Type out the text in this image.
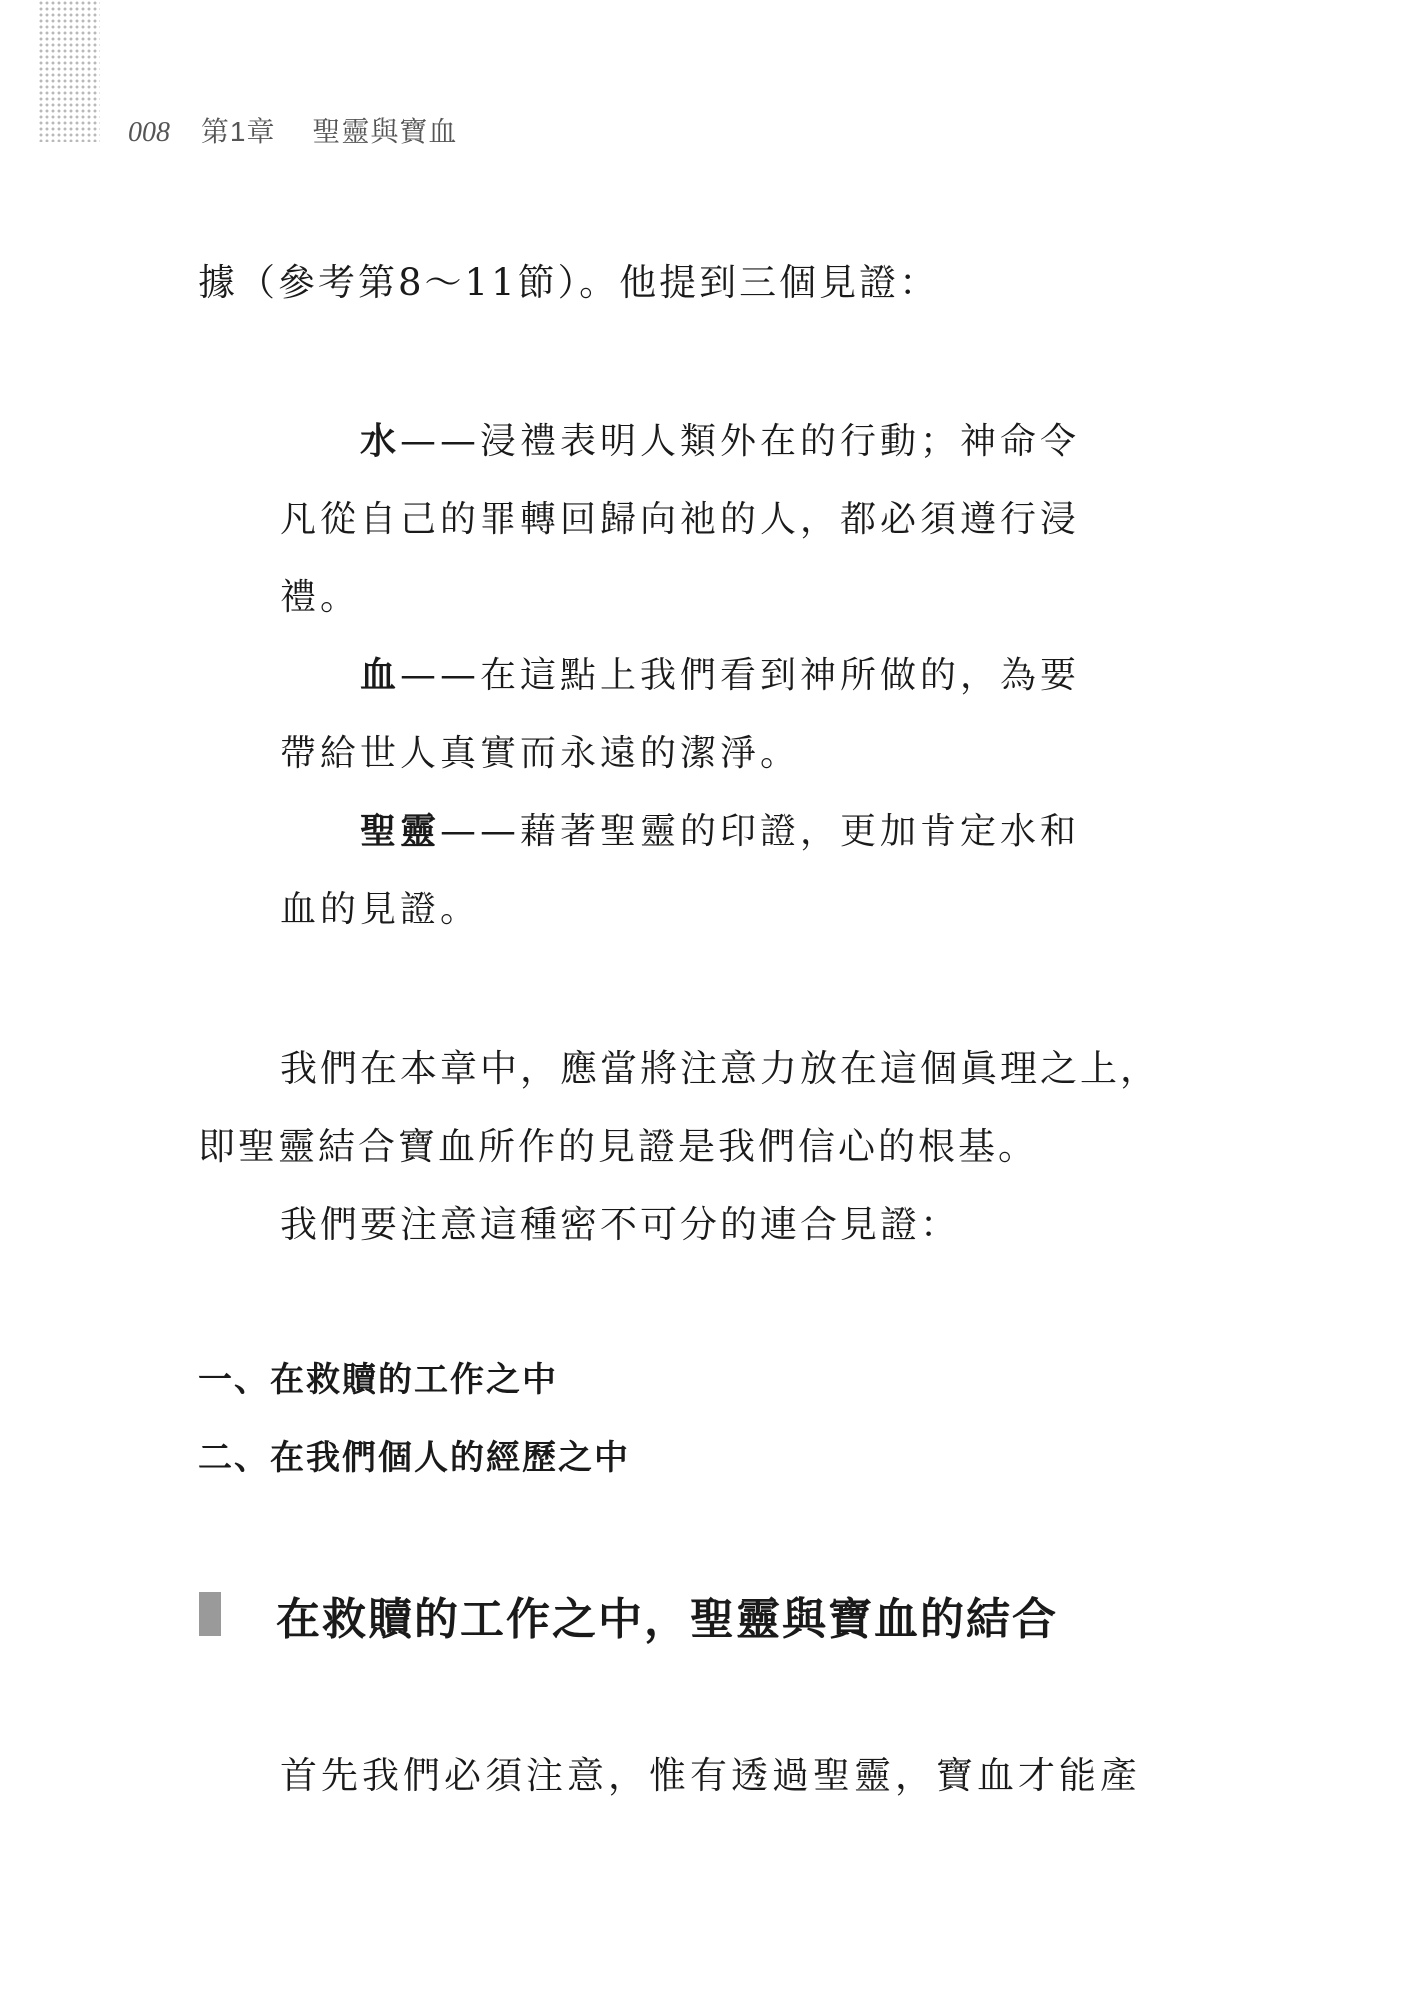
008 第1章 聖靈與寶血
據（參考第8～11節）。他提到三個見證：
水——浸禮表明人類外在的行動；神命令
凡從自己的罪轉回歸向祂的人，都必須遵行浸
禮。
血——在這點上我們看到神所做的，為要
帶給世人真實而永遠的潔淨。
聖靈——藉著聖靈的印證，更加肯定水和
血的見證。
我們在本章中，應當將注意力放在這個眞理之上，
即聖靈結合寶血所作的見證是我們信心的根基。
我們要注意這種密不可分的連合見證：
一、在救贖的工作之中
二、在我們個人的經歷之中
在救贖的工作之中，聖靈與寶血的結合
首先我們必須注意，惟有透過聖靈，寶血才能產
